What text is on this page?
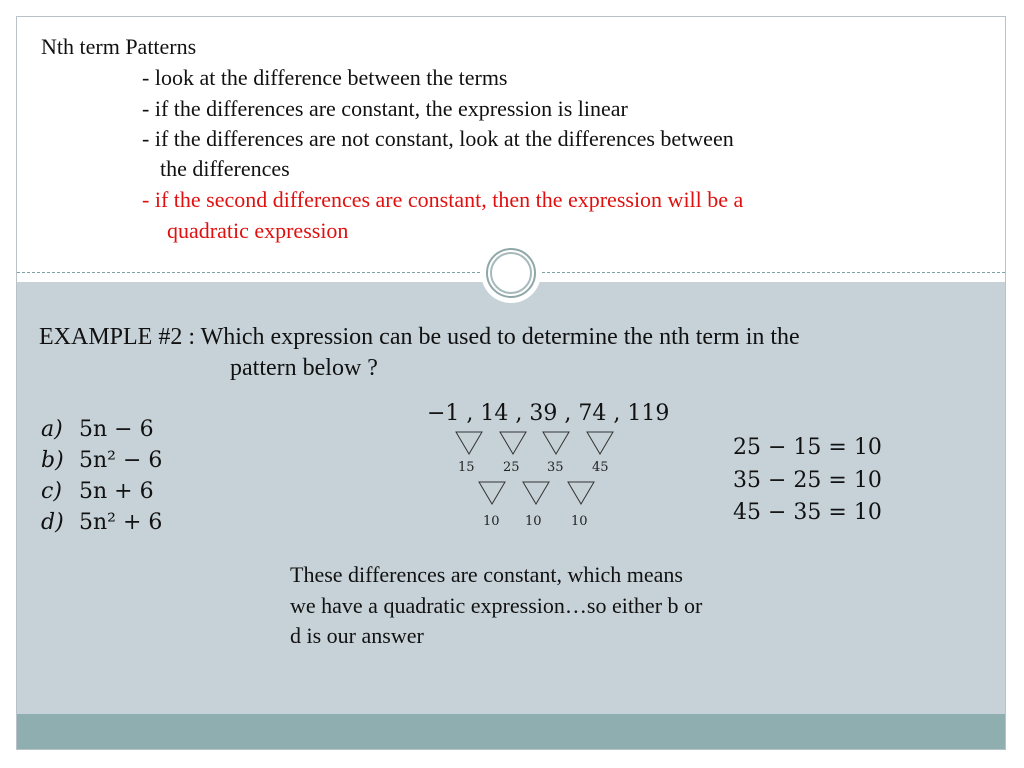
Nth term Patterns
- look at the difference between the terms
- if the differences are constant, the expression is linear
- if the differences are not constant, look at the differences between
the differences
- if the second differences are constant, then the expression will be a
quadratic expression
EXAMPLE #2 : Which expression can be used to determine the nth term in the
pattern below ?
a) 5n − 6
b) 5n² − 6
c) 5n + 6
d) 5n² + 6
−1 , 14 , 39 , 74 , 119
15 25 35 45
10 10 10
25 − 15 = 10
35 − 25 = 10
45 − 35 = 10
These differences are constant, which means
we have a quadratic expression…so either b or
d is our answer
